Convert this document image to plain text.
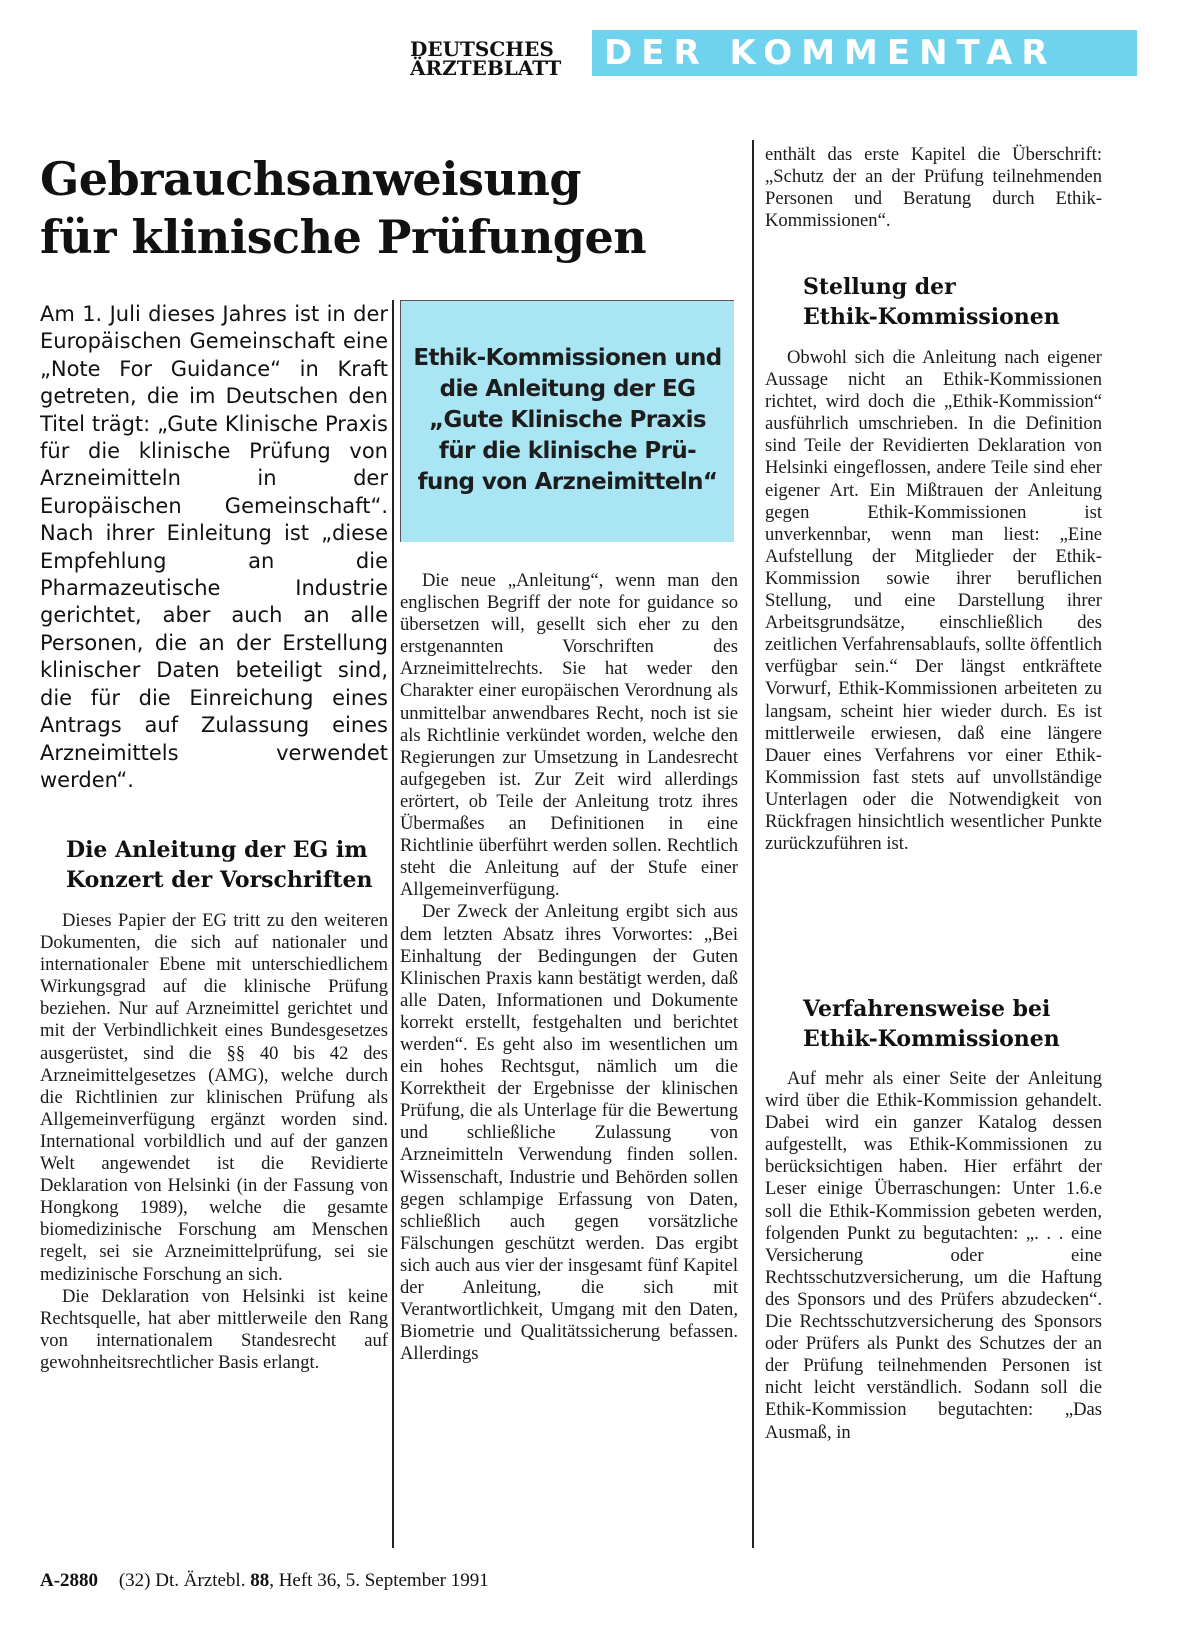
DEUTSCHES
ÄRZTEBLATT	DER KOMMENTAR
Gebrauchsanweisung
für klinische Prüfungen
Am 1. Juli dieses Jahres ist in der Europäischen Gemeinschaft eine „Note For Guidance“ in Kraft getreten, die im Deutschen den Titel trägt: „Gute Klinische Praxis für die klinische Prüfung von Arzneimitteln in der Europäischen Gemeinschaft“. Nach ihrer Einleitung ist „diese Empfehlung an die Pharmazeutische Industrie gerichtet, aber auch an alle Personen, die an der Erstellung klinischer Daten beteiligt sind, die für die Einreichung eines Antrags auf Zulassung eines Arzneimittels verwendet werden“.
Die Anleitung der EG im
Konzert der Vorschriften

Dieses Papier der EG tritt zu den weiteren Dokumenten, die sich auf nationaler und internationaler Ebene mit unterschiedlichem Wirkungsgrad auf die klinische Prüfung beziehen. Nur auf Arzneimittel gerichtet und mit der Verbindlichkeit eines Bundesgesetzes ausgerüstet, sind die §§ 40 bis 42 des Arzneimittelgesetzes (AMG), welche durch die Richtlinien zur klinischen Prüfung als Allgemeinverfügung ergänzt worden sind. International vorbildlich und auf der ganzen Welt angewendet ist die Revidierte Deklaration von Helsinki (in der Fassung von Hongkong 1989), welche die gesamte biomedizinische Forschung am Menschen regelt, sei sie Arzneimittelprüfung, sei sie medizinische Forschung an sich.

Die Deklaration von Helsinki ist keine Rechtsquelle, hat aber mittlerweile den Rang von internationalem Standesrecht auf gewohnheitsrechtlicher Basis erlangt.

Ethik-Kommissionen und
die Anleitung der EG
„Gute Klinische Praxis
für die klinische Prü-
fung von Arzneimitteln“

Die neue „Anleitung“, wenn man den englischen Begriff der note for guidance so übersetzen will, gesellt sich eher zu den erstgenannten Vorschriften des Arzneimittelrechts. Sie hat weder den Charakter einer europäischen Verordnung als unmittelbar anwendbares Recht, noch ist sie als Richtlinie verkündet worden, welche den Regierungen zur Umsetzung in Landesrecht aufgegeben ist. Zur Zeit wird allerdings erörtert, ob Teile der Anleitung trotz ihres Übermaßes an Definitionen in eine Richtlinie überführt werden sollen. Rechtlich steht die Anleitung auf der Stufe einer Allgemeinverfügung.

Der Zweck der Anleitung ergibt sich aus dem letzten Absatz ihres Vorwortes: „Bei Einhaltung der Bedingungen der Guten Klinischen Praxis kann bestätigt werden, daß alle Daten, Informationen und Dokumente korrekt erstellt, festgehalten und berichtet werden“. Es geht also im wesentlichen um ein hohes Rechtsgut, nämlich um die Korrektheit der Ergebnisse der klinischen Prüfung, die als Unterlage für die Bewertung und schließliche Zulassung von Arzneimitteln Verwendung finden sollen. Wissenschaft, Industrie und Behörden sollen gegen schlampige Erfassung von Daten, schließlich auch gegen vorsätzliche Fälschungen geschützt werden. Das ergibt sich auch aus vier der insgesamt fünf Kapitel der Anleitung, die sich mit Verantwortlichkeit, Umgang mit den Daten, Biometrie und Qualitätssicherung befassen. Allerdings

enthält das erste Kapitel die Überschrift: „Schutz der an der Prüfung teilnehmenden Personen und Beratung durch Ethik-Kommissionen“.

Stellung der
Ethik-Kommissionen

Obwohl sich die Anleitung nach eigener Aussage nicht an Ethik-Kommissionen richtet, wird doch die „Ethik-Kommission“ ausführlich umschrieben. In die Definition sind Teile der Revidierten Deklaration von Helsinki eingeflossen, andere Teile sind eher eigener Art. Ein Mißtrauen der Anleitung gegen Ethik-Kommissionen ist unverkennbar, wenn man liest: „Eine Aufstellung der Mitglieder der Ethik-Kommission sowie ihrer beruflichen Stellung, und eine Darstellung ihrer Arbeitsgrundsätze, einschließlich des zeitlichen Verfahrensablaufs, sollte öffentlich verfügbar sein.“ Der längst entkräftete Vorwurf, Ethik-Kommissionen arbeiteten zu langsam, scheint hier wieder durch. Es ist mittlerweile erwiesen, daß eine längere Dauer eines Verfahrens vor einer Ethik-Kommission fast stets auf unvollständige Unterlagen oder die Notwendigkeit von Rückfragen hinsichtlich wesentlicher Punkte zurückzuführen ist.

Verfahrensweise bei
Ethik-Kommissionen

Auf mehr als einer Seite der Anleitung wird über die Ethik-Kommission gehandelt. Dabei wird ein ganzer Katalog dessen aufgestellt, was Ethik-Kommissionen zu berücksichtigen haben. Hier erfährt der Leser einige Überraschungen: Unter 1.6.e soll die Ethik-Kommission gebeten werden, folgenden Punkt zu begutachten: „. . . eine Versicherung oder eine Rechtsschutzversicherung, um die Haftung des Sponsors und des Prüfers abzudecken“. Die Rechtsschutzversicherung des Sponsors oder Prüfers als Punkt des Schutzes der an der Prüfung teilnehmenden Personen ist nicht leicht verständlich. Sodann soll die Ethik-Kommission begutachten: „Das Ausmaß, in

A-2880 (32) Dt. Ärztebl. 88, Heft 36, 5. September 1991
